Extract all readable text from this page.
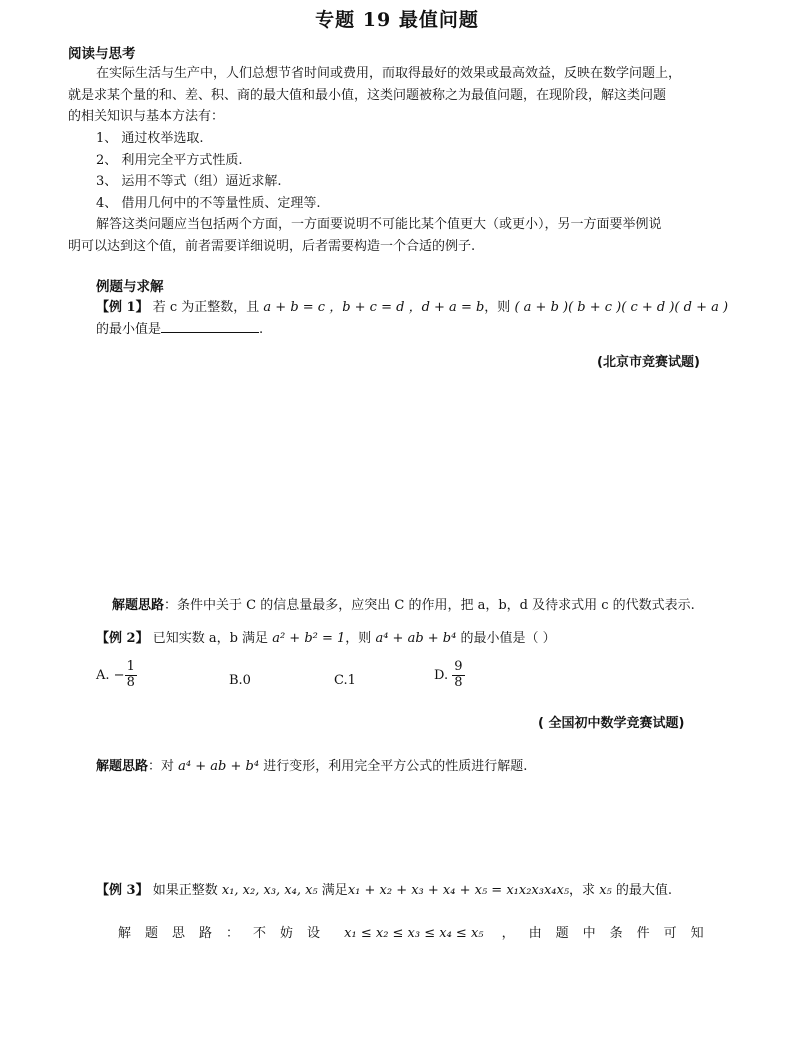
专题 19 最值问题
阅读与思考
在实际生活与生产中，人们总想节省时间或费用，而取得最好的效果或最高效益，反映在数学问题上，
就是求某个量的和、差、积、商的最大值和最小值，这类问题被称之为最值问题，在现阶段，解这类问题
的相关知识与基本方法有：
1、 通过枚举选取.
2、 利用完全平方式性质.
3、 运用不等式（组）逼近求解.
4、 借用几何中的不等量性质、定理等.
解答这类问题应当包括两个方面，一方面要说明不可能比某个值更大（或更小），另一方面要举例说
明可以达到这个值，前者需要详细说明，后者需要构造一个合适的例子.
例题与求解
【例 1】 若 c 为正整数，且 a + b = c ，b + c = d ，d + a = b，则 ( a + b )( b + c )( c + d )( d + a )
的最小值是	.
(北京市竞赛试题)
解题思路：条件中关于 C 的信息量最多，应突出 C 的作用，把 a，b，d 及待求式用 c 的代数式表示.
【例 2】 已知实数 a，b 满足 a² + b² = 1，则 a⁴ + ab + b⁴ 的最小值是（ ）
A. − $\frac{1}{8}$	B.0	C.1	D. $\frac{9}{8}$
( 全国初中数学竞赛试题)
解题思路：对 a⁴ + ab + b⁴ 进行变形，利用完全平方公式的性质进行解题.
【例 3】 如果正整数 x₁, x₂, x₃, x₄, x₅ 满足x₁ + x₂ + x₃ + x₄ + x₅ = x₁x₂x₃x₄x₅，求 x₅ 的最大值.
解题思路：不妨设 x₁ ≤ x₂ ≤ x₃ ≤ x₄ ≤ x₅ ，由题中条件可知
